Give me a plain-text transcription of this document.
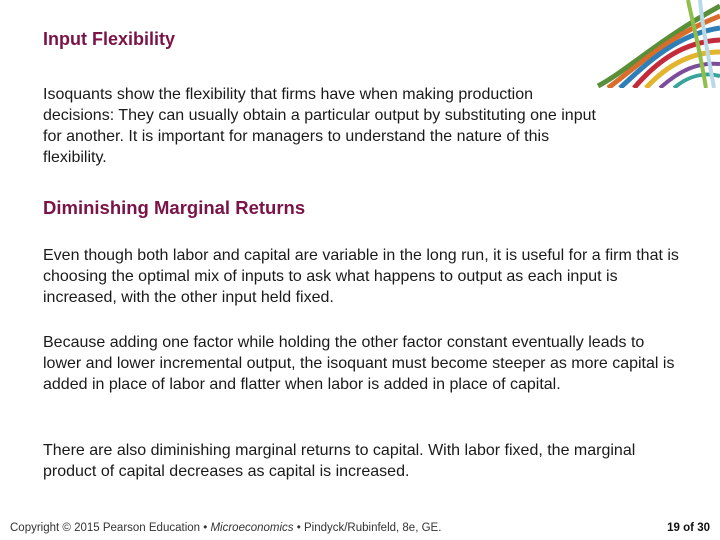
Input Flexibility

Isoquants show the flexibility that firms have when making production decisions: They can usually obtain a particular output by substituting one input for another. It is important for managers to understand the nature of this flexibility.

Diminishing Marginal Returns

Even though both labor and capital are variable in the long run, it is useful for a firm that is choosing the optimal mix of inputs to ask what happens to output as each input is increased, with the other input held fixed.

Because adding one factor while holding the other factor constant eventually leads to lower and lower incremental output, the isoquant must become steeper as more capital is added in place of labor and flatter when labor is added in place of capital.

There are also diminishing marginal returns to capital. With labor fixed, the marginal product of capital decreases as capital is increased.

Copyright © 2015 Pearson Education • Microeconomics • Pindyck/Rubinfeld, 8e, GE.	19 of 30
